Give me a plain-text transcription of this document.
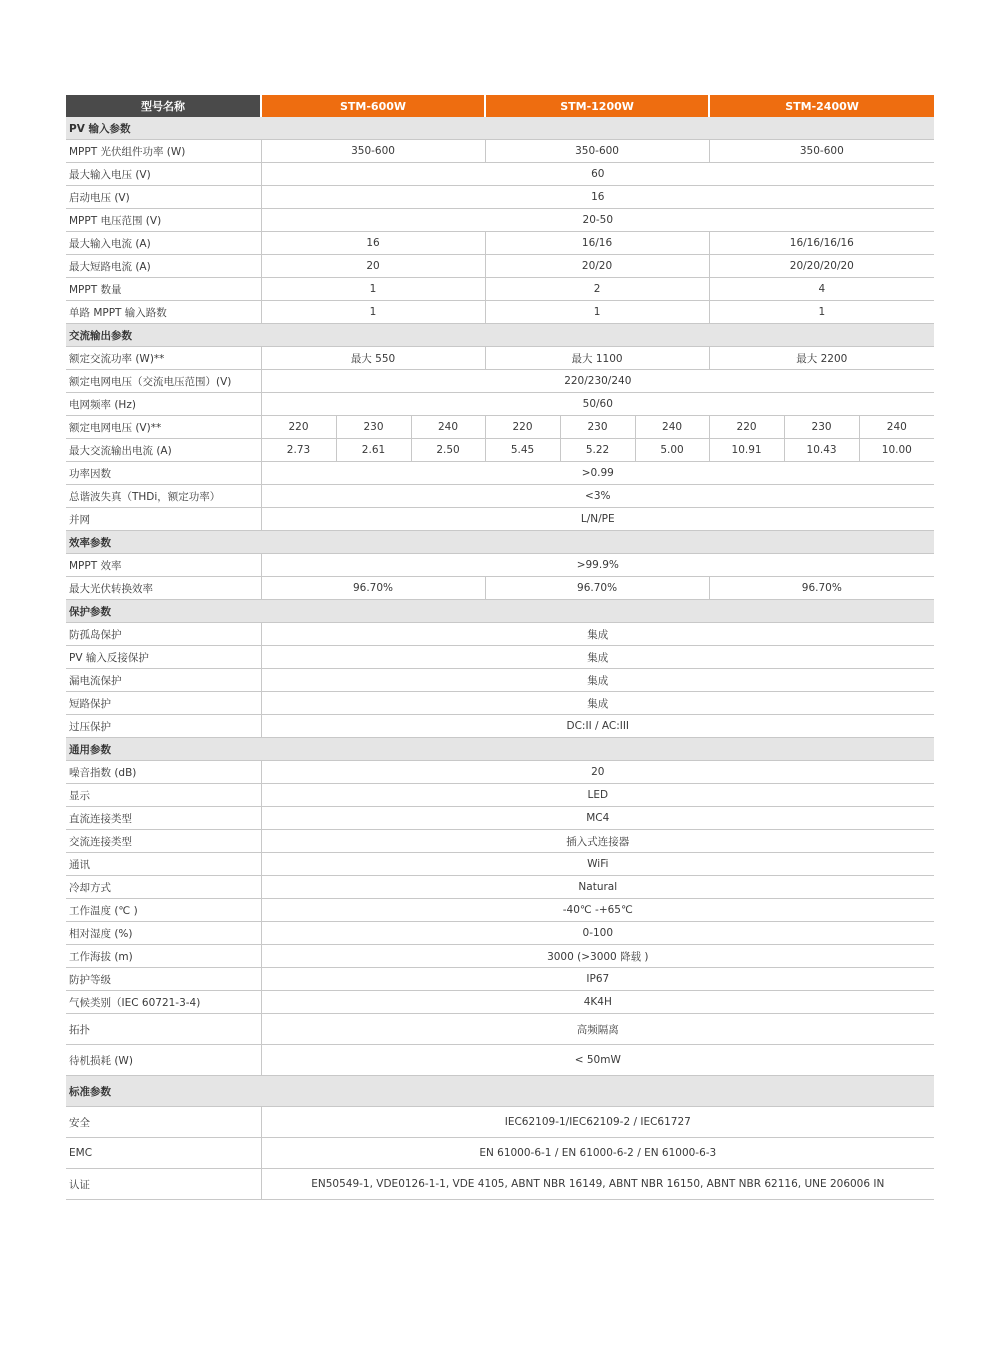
型号名称	STM-600W			STM-1200W			STM-2400W		
PV 输入参数									
MPPT 光伏组件功率 (W)	350-600			350-600			350-600		
最大输入电压 (V)	60								
启动电压 (V)	16								
MPPT 电压范围 (V)	20-50								
最大输入电流 (A)	16			16/16			16/16/16/16		
最大短路电流 (A)	20			20/20			20/20/20/20		
MPPT 数量	1			2			4		
单路 MPPT 输入路数	1			1			1		
交流输出参数									
额定交流功率 (W)**	最大 550			最大 1100			最大 2200		
额定电网电压（交流电压范围）(V)	220/230/240								
电网频率 (Hz)	50/60								
额定电网电压 (V)**	220	230	240	220	230	240	220	230	240
最大交流输出电流 (A)	2.73	2.61	2.50	5.45	5.22	5.00	10.91	10.43	10.00
功率因数	>0.99								
总谐波失真（THDi，额定功率）	<3%								
并网	L/N/PE								
效率参数									
MPPT 效率	>99.9%								
最大光伏转换效率	96.70%			96.70%			96.70%		
保护参数									
防孤岛保护	集成								
PV 输入反接保护	集成								
漏电流保护	集成								
短路保护	集成								
过压保护	DC:II / AC:III								
通用参数									
噪音指数 (dB)	20								
显示	LED								
直流连接类型	MC4								
交流连接类型	插入式连接器								
通讯	WiFi								
冷却方式	Natural								
工作温度 (℃ )	-40℃ -+65℃								
相对湿度 (%)	0-100								
工作海拔 (m)	3000 (>3000 降载 )								
防护等级	IP67								
气候类别（IEC 60721-3-4)	4K4H								
拓扑	高频隔离								
待机损耗 (W)	< 50mW								
标准参数									
安全	IEC62109-1/IEC62109-2 / IEC61727								
EMC	EN 61000-6-1 / EN 61000-6-2 / EN 61000-6-3								
认证	EN50549-1, VDE0126-1-1, VDE 4105, ABNT NBR 16149, ABNT NBR 16150, ABNT NBR 62116, UNE 206006 IN								
